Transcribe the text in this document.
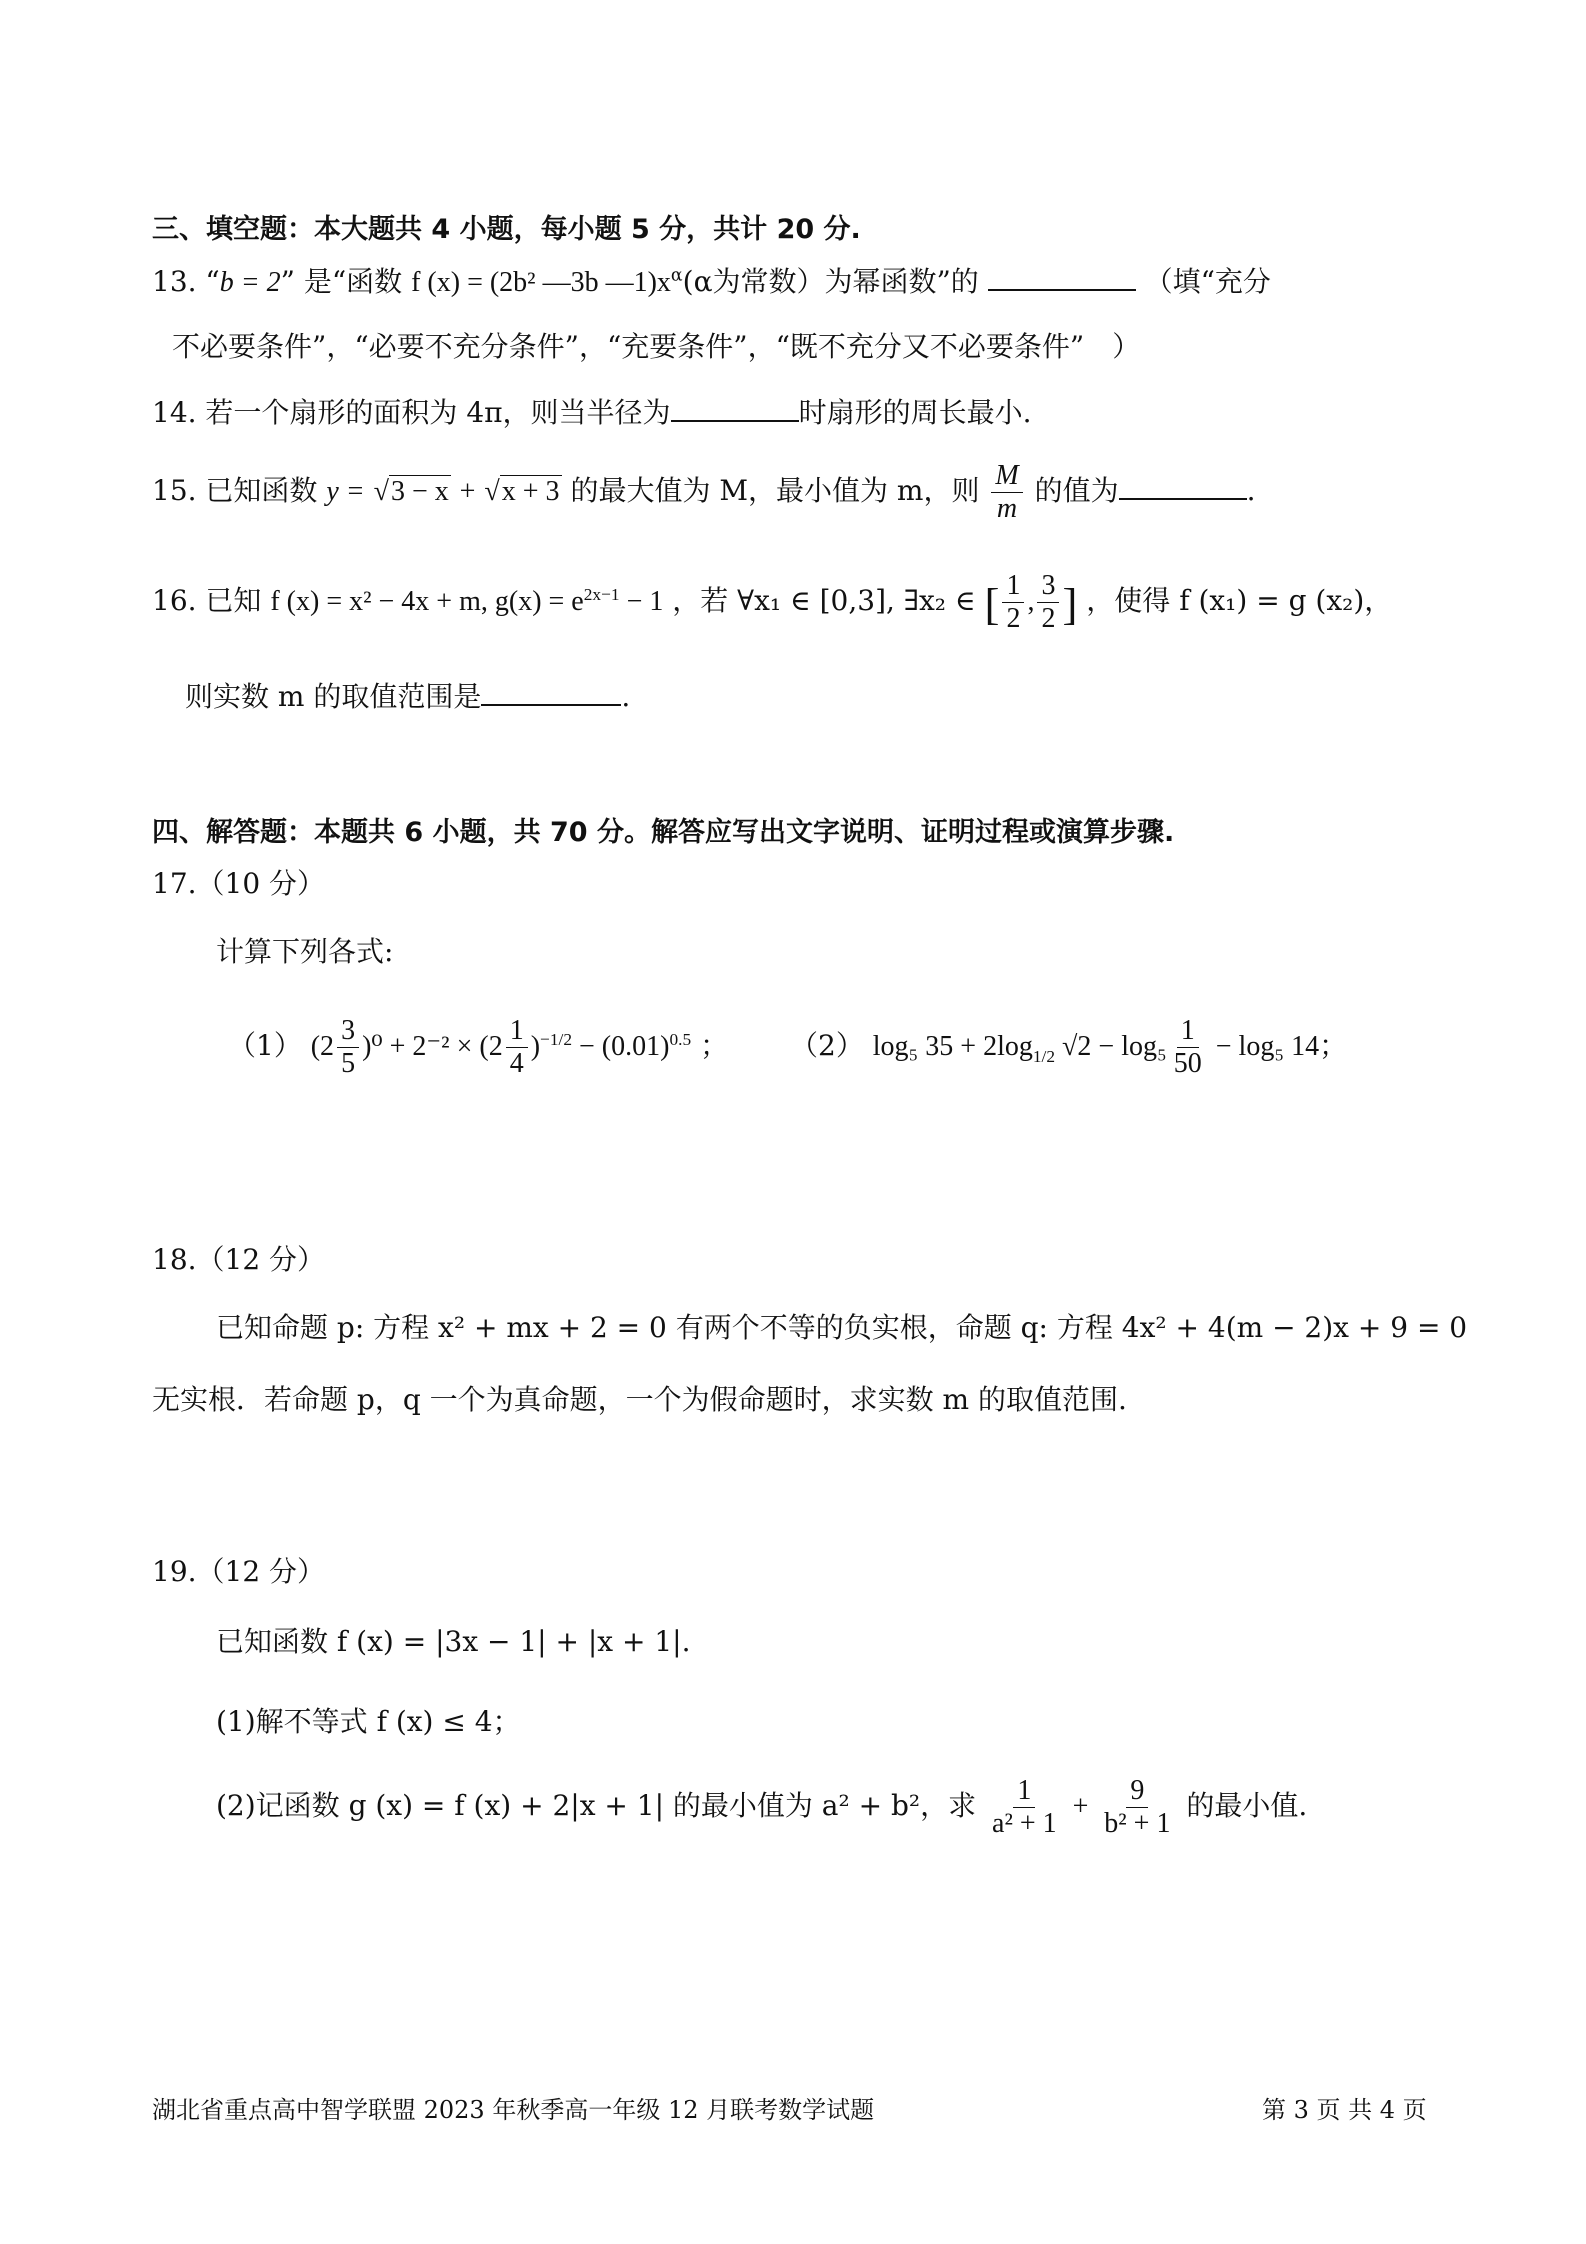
三、填空题：本大题共 4 小题，每小题 5 分，共计 20 分.
13. “b = 2” 是“函数 f (x) = (2b² —3b $—1)x^\alpha(\alpha$为常数）为幂函数”的	（填“充分
不必要条件”，“必要不充分条件”，“充要条件”，“既不充分又不必要条件”　）
14. 若一个扇形的面积为 4π，则当半径为	时扇形的周长最小.
15. 已知函数 y = √3 − x + √x + 3 的最大值为 M，最小值为 m，则 $\frac{M}{m}$ 的值为	.
16. 已知 f (x) = x² − 4x + m, $g(x) = e^{2x-1} - 1$ ，若 ∀x₁ ∈ [0,3], ∃x₂ ∈ [ $\frac{1}{2}$ , $\frac{3}{2}$ ] ，使得 f (x₁) = g (x₂)，
则实数 m 的取值范围是	.
四、解答题：本题共 6 小题，共 70 分。解答应写出文字说明、证明过程或演算步骤.
17.（10 分）
计算下列各式:
（1） $(2 \frac{3}{5} )^0 + 2^{-2} \times (2 \frac{1}{4} )^{-1/2} - (0.01)^{0.5}$ ； （2） log₅ $35 + 2\log_{1/2}$ $√2 - \log_5 \frac{1}{50} - \log_5$ 14；
18.（12 分）
已知命题 p: 方程 x² + mx + 2 = 0 有两个不等的负实根，命题 q: 方程 4x² + 4(m − 2)x + 9 = 0
无实根．若命题 p，q 一个为真命题，一个为假命题时，求实数 m 的取值范围.
19.（12 分）
已知函数 f (x) = |3x − 1| + |x + 1|.
(1)解不等式 f (x) ≤ 4；
(2)记函数 g (x) = f (x) + 2|x + 1| 的最小值为 a² + b²，求 $\frac{1}{\text{a² + 1}} + \frac{9}{\text{b² + 1}}$ 的最小值.
湖北省重点高中智学联盟 2023 年秋季高一年级 12 月联考数学试题	第 3 页 共 4 页
